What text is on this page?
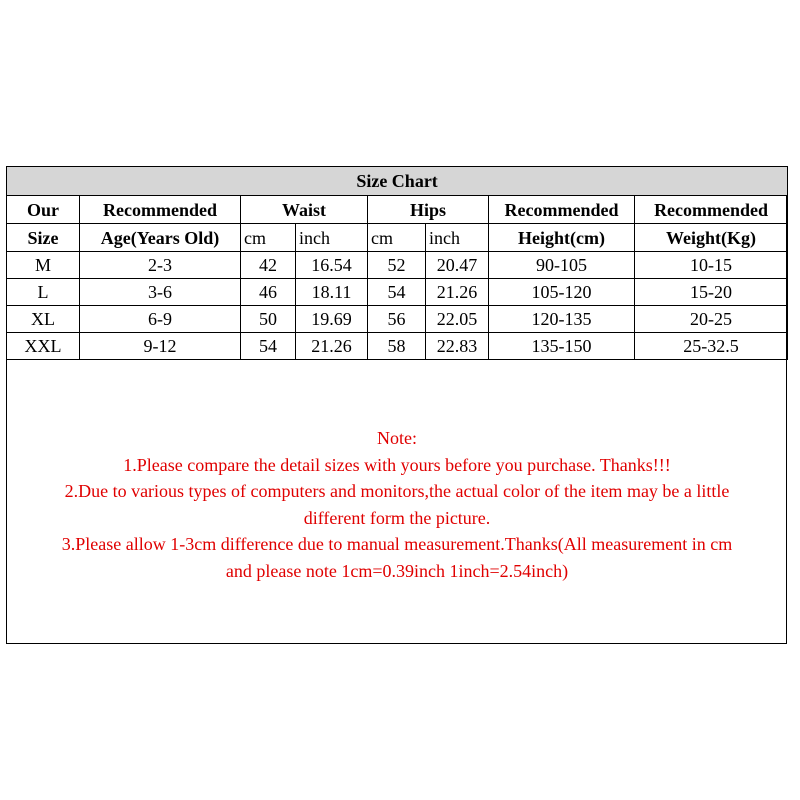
Size Chart							
Our	Recommended	Waist		Hips		Recommended	Recommended
Size	Age(Years Old)	cm	inch	cm	inch	Height(cm)	Weight(Kg)
M	2-3	42	16.54	52	20.47	90-105	10-15
L	3-6	46	18.11	54	21.26	105-120	15-20
XL	6-9	50	19.69	56	22.05	120-135	20-25
XXL	9-12	54	21.26	58	22.83	135-150	25-32.5
Note:
1.Please compare the detail sizes with yours before you purchase. Thanks!!!
2.Due to various types of computers and monitors,the actual color of the item may be a little
different form the picture.
3.Please allow 1-3cm difference due to manual measurement.Thanks(All measurement in cm
and please note 1cm=0.39inch 1inch=2.54inch)
